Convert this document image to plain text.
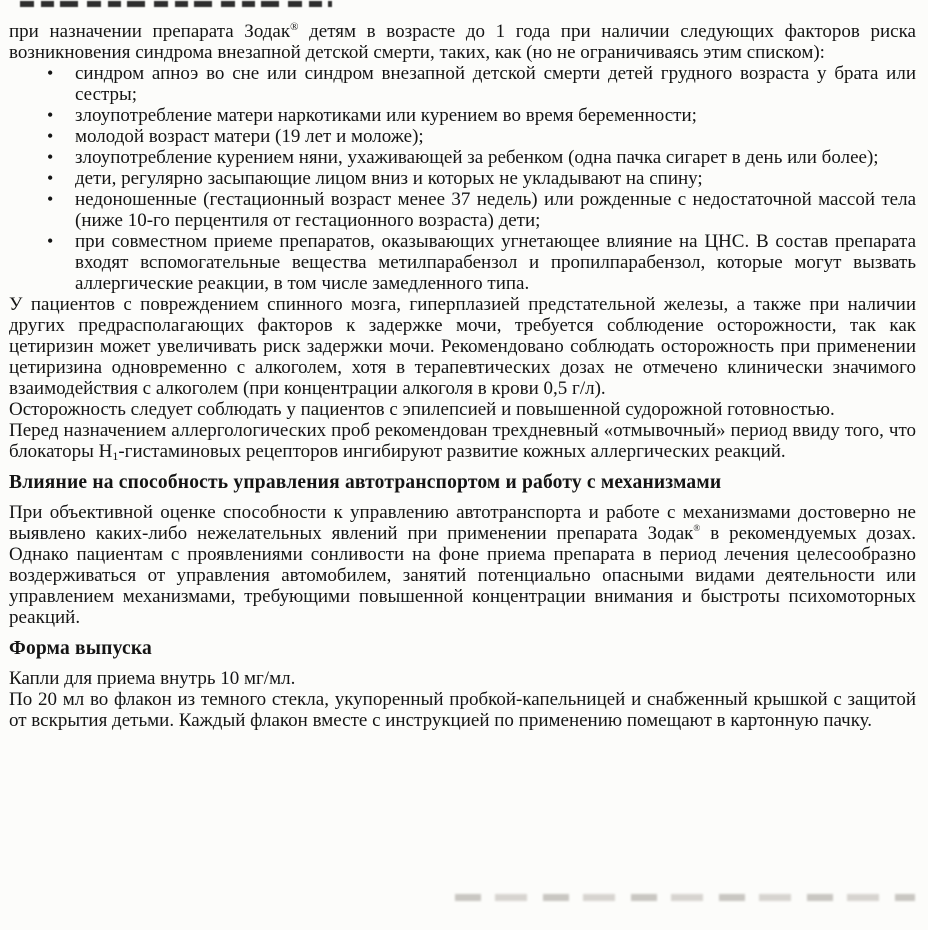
при назначении препарата Зодак® детям в возрасте до 1 года при наличии следующих факторов риска возникновения синдрома внезапной детской смерти, таких, как (но не ограничиваясь этим списком):

• синдром апноэ во сне или синдром внезапной детской смерти детей грудного возраста у брата или сестры;
• злоупотребление матери наркотиками или курением во время беременности;
• молодой возраст матери (19 лет и моложе);
• злоупотребление курением няни, ухаживающей за ребенком (одна пачка сигарет в день или более);
• дети, регулярно засыпающие лицом вниз и которых не укладывают на спину;
• недоношенные (гестационный возраст менее 37 недель) или рожденные с недостаточной массой тела (ниже 10-го перцентиля от гестационного возраста) дети;
• при совместном приеме препаратов, оказывающих угнетающее влияние на ЦНС. В состав препарата входят вспомогательные вещества метилпарабензол и пропилпарабензол, которые могут вызвать аллергические реакции, в том числе замедленного типа.

У пациентов с повреждением спинного мозга, гиперплазией предстательной железы, а также при наличии других предрасполагающих факторов к задержке мочи, требуется соблюдение осторожности, так как цетиризин может увеличивать риск задержки мочи. Рекомендовано соблюдать осторожность при применении цетиризина одновременно с алкоголем, хотя в терапевтических дозах не отмечено клинически значимого взаимодействия с алкоголем (при концентрации алкоголя в крови 0,5 г/л).

Осторожность следует соблюдать у пациентов с эпилепсией и повышенной судорожной готовностью.

Перед назначением аллергологических проб рекомендован трехдневный «отмывочный» период ввиду того, что блокаторы $Н_1$-гистаминовых рецепторов ингибируют развитие кожных аллергических реакций.

Влияние на способность управления автотранспортом и работу с механизмами

При объективной оценке способности к управлению автотранспорта и работе с механизмами достоверно не выявлено каких-либо нежелательных явлений при применении препарата Зодак® в рекомендуемых дозах. Однако пациентам с проявлениями сонливости на фоне приема препарата в период лечения целесообразно воздерживаться от управления автомобилем, занятий потенциально опасными видами деятельности или управлением механизмами, требующими повышенной концентрации внимания и быстроты психомоторных реакций.

Форма выпуска

Капли для приема внутрь 10 мг/мл.

По 20 мл во флакон из темного стекла, укупоренный пробкой-капельницей и снабженный крышкой с защитой от вскрытия детьми. Каждый флакон вместе с инструкцией по применению помещают в картонную пачку.
